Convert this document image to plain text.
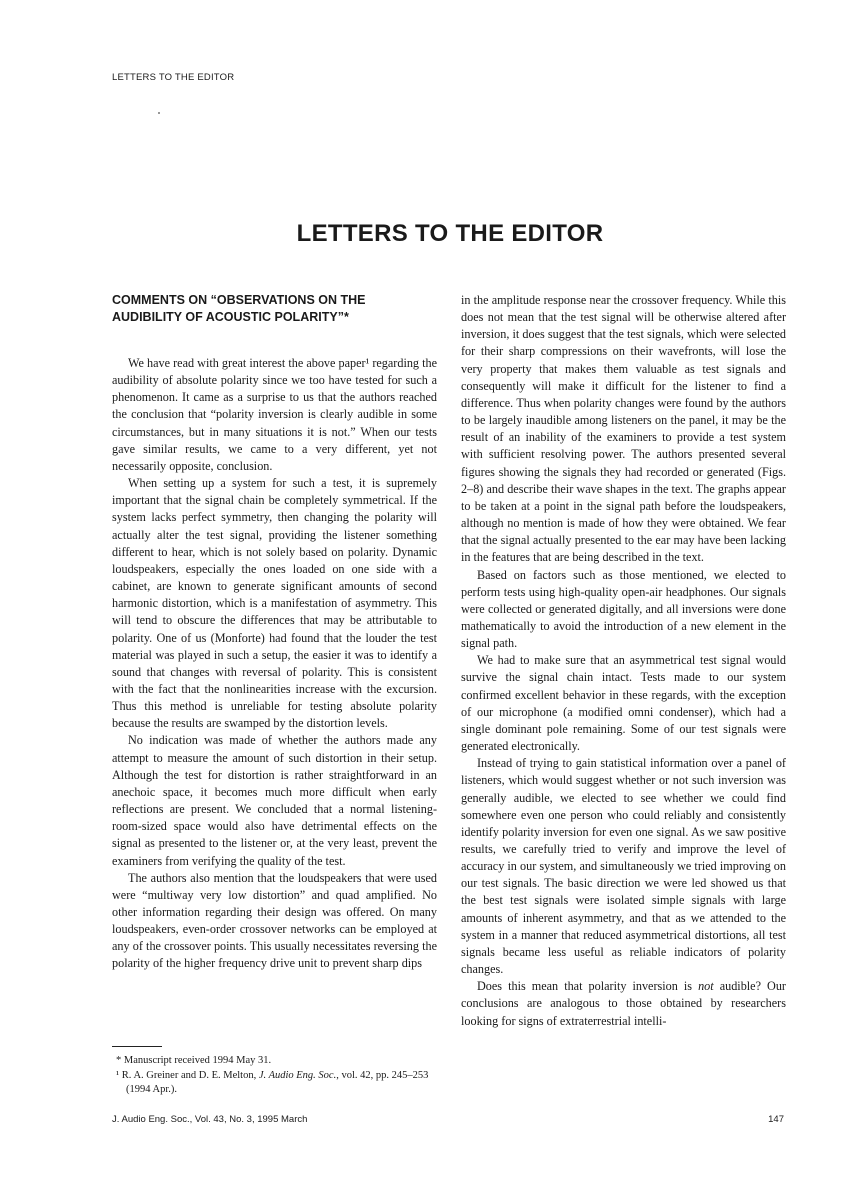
LETTERS TO THE EDITOR
LETTERS TO THE EDITOR
COMMENTS ON “OBSERVATIONS ON THE AUDIBILITY OF ACOUSTIC POLARITY”*

We have read with great interest the above paper¹ regarding the audibility of absolute polarity since we too have tested for such a phenomenon. It came as a surprise to us that the authors reached the conclusion that “polarity inversion is clearly audible in some circumstances, but in many situations it is not.” When our tests gave similar results, we came to a very different, yet not necessarily opposite, conclusion.

When setting up a system for such a test, it is supremely important that the signal chain be completely symmetrical. If the system lacks perfect symmetry, then changing the polarity will actually alter the test signal, providing the listener something different to hear, which is not solely based on polarity. Dynamic loudspeakers, especially the ones loaded on one side with a cabinet, are known to generate significant amounts of second harmonic distortion, which is a manifestation of asymmetry. This will tend to obscure the differences that may be attributable to polarity. One of us (Monforte) had found that the louder the test material was played in such a setup, the easier it was to identify a sound that changes with reversal of polarity. This is consistent with the fact that the nonlinearities increase with the excursion. Thus this method is unreliable for testing absolute polarity because the results are swamped by the distortion levels.

No indication was made of whether the authors made any attempt to measure the amount of such distortion in their setup. Although the test for distortion is rather straightforward in an anechoic space, it becomes much more difficult when early reflections are present. We concluded that a normal listening-room-sized space would also have detrimental effects on the signal as presented to the listener or, at the very least, prevent the examiners from verifying the quality of the test.

The authors also mention that the loudspeakers that were used were “multiway very low distortion” and quad amplified. No other information regarding their design was offered. On many loudspeakers, even-order crossover networks can be employed at any of the crossover points. This usually necessitates reversing the polarity of the higher frequency drive unit to prevent sharp dips

in the amplitude response near the crossover frequency. While this does not mean that the test signal will be otherwise altered after inversion, it does suggest that the test signals, which were selected for their sharp compressions on their wavefronts, will lose the very property that makes them valuable as test signals and consequently will make it difficult for the listener to find a difference. Thus when polarity changes were found by the authors to be largely inaudible among listeners on the panel, it may be the result of an inability of the examiners to provide a test system with sufficient resolving power. The authors presented several figures showing the signals they had recorded or generated (Figs. 2–8) and describe their wave shapes in the text. The graphs appear to be taken at a point in the signal path before the loudspeakers, although no mention is made of how they were obtained. We fear that the signal actually presented to the ear may have been lacking in the features that are being described in the text.

Based on factors such as those mentioned, we elected to perform tests using high-quality open-air headphones. Our signals were collected or generated digitally, and all inversions were done mathematically to avoid the introduction of a new element in the signal path.

We had to make sure that an asymmetrical test signal would survive the signal chain intact. Tests made to our system confirmed excellent behavior in these regards, with the exception of our microphone (a modified omni condenser), which had a single dominant pole remaining. Some of our test signals were generated electronically.

Instead of trying to gain statistical information over a panel of listeners, which would suggest whether or not such inversion was generally audible, we elected to see whether we could find somewhere even one person who could reliably and consistently identify polarity inversion for even one signal. As we saw positive results, we carefully tried to verify and improve the level of accuracy in our system, and simultaneously we tried improving on our test signals. The basic direction we were led showed us that the best test signals were isolated simple signals with large amounts of inherent asymmetry, and that as we attended to the system in a manner that reduced asymmetrical distortions, all test signals became less useful as reliable indicators of polarity changes.

Does this mean that polarity inversion is not audible? Our conclusions are analogous to those obtained by researchers looking for signs of extraterrestrial intelli-

* Manuscript received 1994 May 31.

¹ R. A. Greiner and D. E. Melton, J. Audio Eng. Soc., vol. 42, pp. 245–253 (1994 Apr.).

J. Audio Eng. Soc., Vol. 43, No. 3, 1995 March	147
